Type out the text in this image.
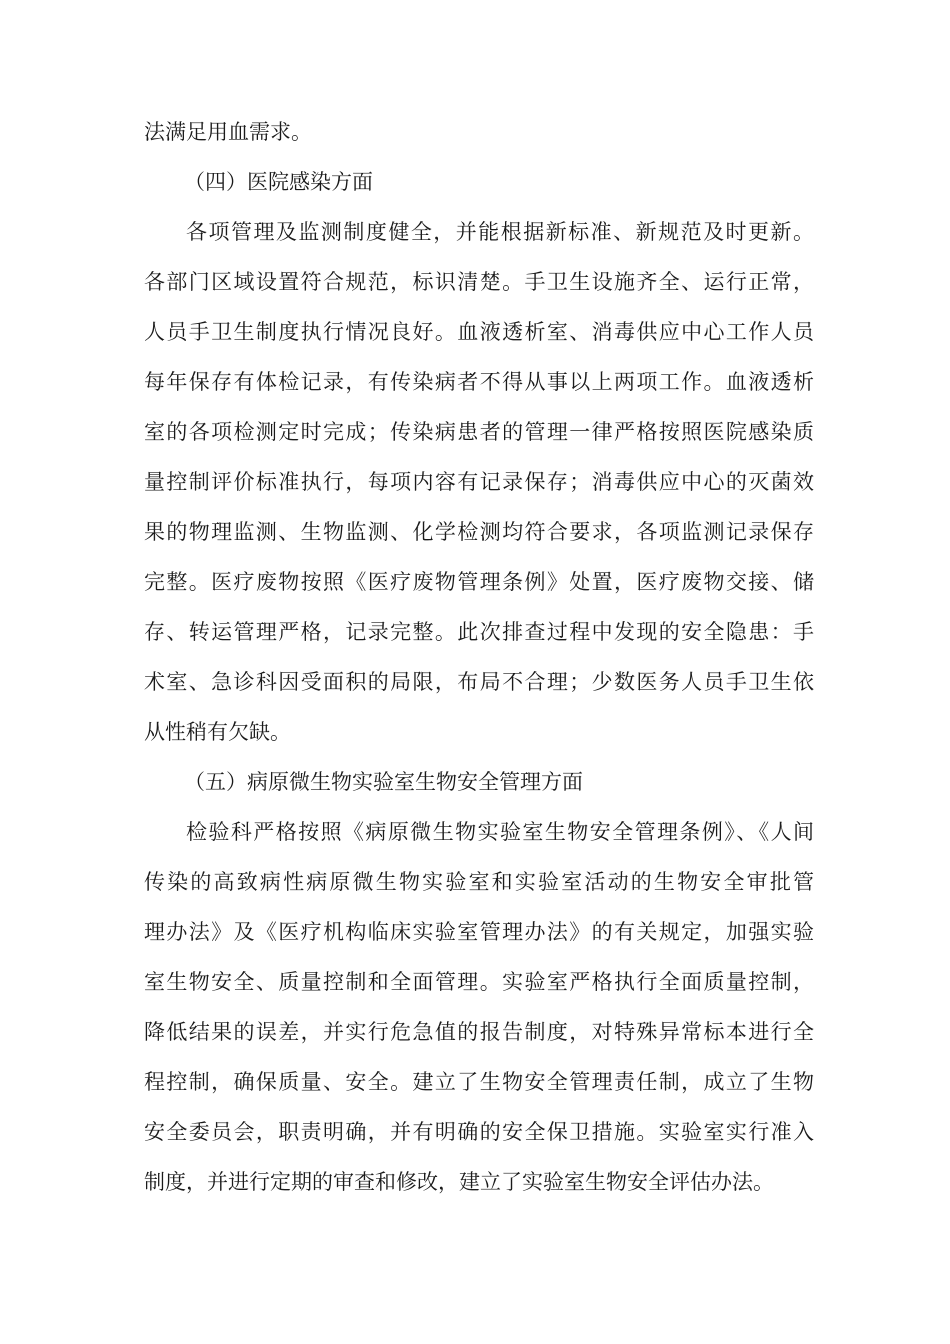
法满足用血需求。
（四）医院感染方面
各项管理及监测制度健全，并能根据新标准、新规范及时更新。
各部门区域设置符合规范，标识清楚。手卫生设施齐全、运行正常，
人员手卫生制度执行情况良好。血液透析室、消毒供应中心工作人员
每年保存有体检记录，有传染病者不得从事以上两项工作。血液透析
室的各项检测定时完成；传染病患者的管理一律严格按照医院感染质
量控制评价标准执行，每项内容有记录保存；消毒供应中心的灭菌效
果的物理监测、生物监测、化学检测均符合要求，各项监测记录保存
完整。医疗废物按照《医疗废物管理条例》处置，医疗废物交接、储
存、转运管理严格，记录完整。此次排查过程中发现的安全隐患：手
术室、急诊科因受面积的局限，布局不合理；少数医务人员手卫生依
从性稍有欠缺。
（五）病原微生物实验室生物安全管理方面
检验科严格按照《病原微生物实验室生物安全管理条例》、《人间
传染的高致病性病原微生物实验室和实验室活动的生物安全审批管
理办法》及《医疗机构临床实验室管理办法》的有关规定，加强实验
室生物安全、质量控制和全面管理。实验室严格执行全面质量控制，
降低结果的误差，并实行危急值的报告制度，对特殊异常标本进行全
程控制，确保质量、安全。建立了生物安全管理责任制，成立了生物
安全委员会，职责明确，并有明确的安全保卫措施。实验室实行准入
制度，并进行定期的审查和修改，建立了实验室生物安全评估办法。
